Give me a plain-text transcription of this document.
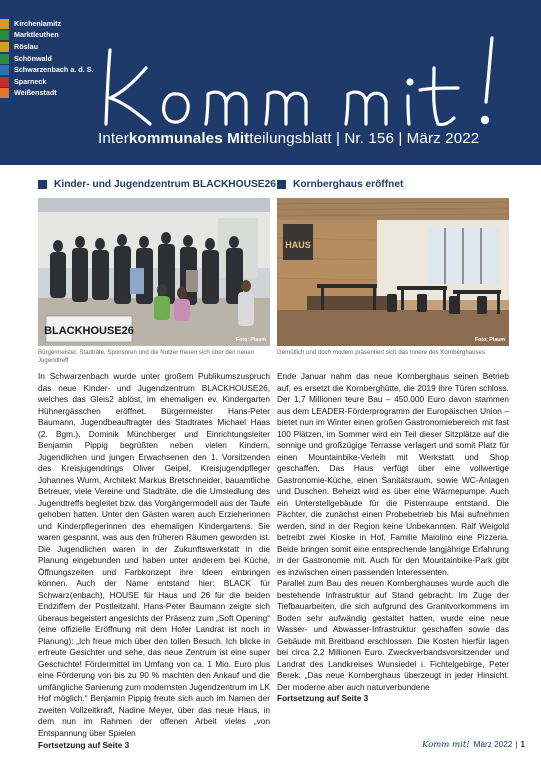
Kirchenlamitz
Marktleuthen
Röslau
Schönwald
Schwarzenbach a. d. S.
Sparneck
Weißenstadt
Interkommunales Mitteilungsblatt | Nr. 156 | März 2022
Kinder- und Jugendzentrum BLACKHOUSE26
BLACKHOUSE26
Foto: Plaum
Bürgermeister, Stadträte, Sponsoren und die Nutzer freuen sich über den neuen Jugendtreff

In Schwarzenbach wurde unter großem Publikumszuspruch das neue Kinder- und Jugendzentrum BLACKHOUSE26, welches das Gleis2 ablöst, im ehemaligen ev. Kindergarten Hühnergässchen eröffnet. Bürgermeister Hans-Peter Baumann, Jugendbeauftragter des Stadtrates Michael Haas (2. Bgm.), Dominik Münchberger und Einrichtungsleiter Benjamin Pippig begrüßten neben vielen Kindern, Jugendlichen und jungen Erwachsenen den 1. Vorsitzenden des Kreisjugendrings Oliver Geipel, Kreisjugendpfleger Johannes Wurm, Architekt Markus Bretschneider, bauamtliche Betreuer, viele Vereine und Stadträte, die die Umsiedlung des Jugendtreffs begleitet bzw. das Vorgängermodell aus der Taufe gehoben hatten. Unter den Gästen waren auch Erzieherinnen und Kinderpflegerinnen des ehemaligen Kindergartens. Sie waren gespannt, was aus den früheren Räumen geworden ist. Die Jugendlichen waren in der Zukunftswerkstatt in die Planung eingebunden und haben unter anderem bei Küche, Öffnungszeiten und Farbkonzept ihre Ideen einbringen können. Auch der Name entstand hier: BLACK für Schwarz(enbach), HOUSE für Haus und 26 für die beiden Endziffern der Postleitzahl. Hans-Peter Baumann zeigte sich überaus begeistert angesichts der Präsenz zum „Soft Opening“ (eine offizielle Eröffnung mit dem Hofer Landrat ist noch in Planung): „Ich freue mich über den tollen Besuch. Ich blicke in erfreute Gesichter und sehe, das neue Zentrum ist eine super Geschichte! Fördermittel im Umfang von ca. 1 Mio. Euro plus eine Förderung von bis zu 90 % machten den Ankauf und die umfängliche Sanierung zum modernsten Jugendzentrum im LK Hof möglich.“ Benjamin Pippig freute sich auch im Namen der zweiten Vollzeitkraft, Nadine Meyer, über das neue Haus, in dem nun im Rahmen der offenen Arbeit vieles „von Entspannung über Spielen

Fortsetzung auf Seite 3
Kornberghaus eröffnet
HAUS
Foto: Plaum
Gemütlich und doch modern präsentiert sich das Innere des Kornberghauses

Ende Januar nahm das neue Kornberghaus seinen Betrieb auf, es ersetzt die Kornberghütte, die 2019 ihre Türen schloss. Der 1,7 Millionen teure Bau – 450.000 Euro davon stammen aus dem LEADER-Förderprogramm der Europäischen Union – bietet nun im Winter einen großen Gastronomiebereich mit fast 100 Plätzen, im Sommer wird ein Teil dieser Sitzplätze auf die sonnige und großzügige Terrasse verlagert und somit Platz für einen Mountainbike-Verleih mit Werkstatt und Shop geschaffen. Das Haus verfügt über eine vollwertige Gastronomie-Küche, einen Sanitätsraum, sowie WC-Anlagen und Duschen. Beheizt wird es über eine Wärmepumpe. Auch ein Unterstellgebäude für die Pistenraupe entstand. Die Pächter, die zunächst einen Probebetrieb bis Mai aufnehmen werden, sind in der Region keine Unbekannten. Ralf Weigold betreibt zwei Kioske in Hof, Familie Maiolino eine Pizzeria. Beide bringen somit eine entsprechende langjährige Erfahrung in der Gastronomie mit. Auch für den Mountainbike-Park gibt es inzwischen einen passenden Interessenten.

Parallel zum Bau des neuen Kornberghauses wurde auch die bestehende Infrastruktur auf Stand gebracht. Im Zuge der Tiefbauarbeiten, die sich aufgrund des Granitvorkommens im Boden sehr aufwändig gestaltet hatten, wurde eine neue Wasser- und Abwasser-Infrastruktur geschaffen sowie das Gebäude mit Breitband erschlossen. Die Kosten hierfür lagen bei circa 2,2 Millionen Euro. Zweckverbandsvorsitzender und Landrat des Landkreises Wunsiedel i. Fichtelgebirge, Peter Berek: „Das neue Kornberghaus überzeugt in jeder Hinsicht. Der moderne aber auch naturverbundene

Fortsetzung auf Seite 3
Komm mit! März 2022 | 1
